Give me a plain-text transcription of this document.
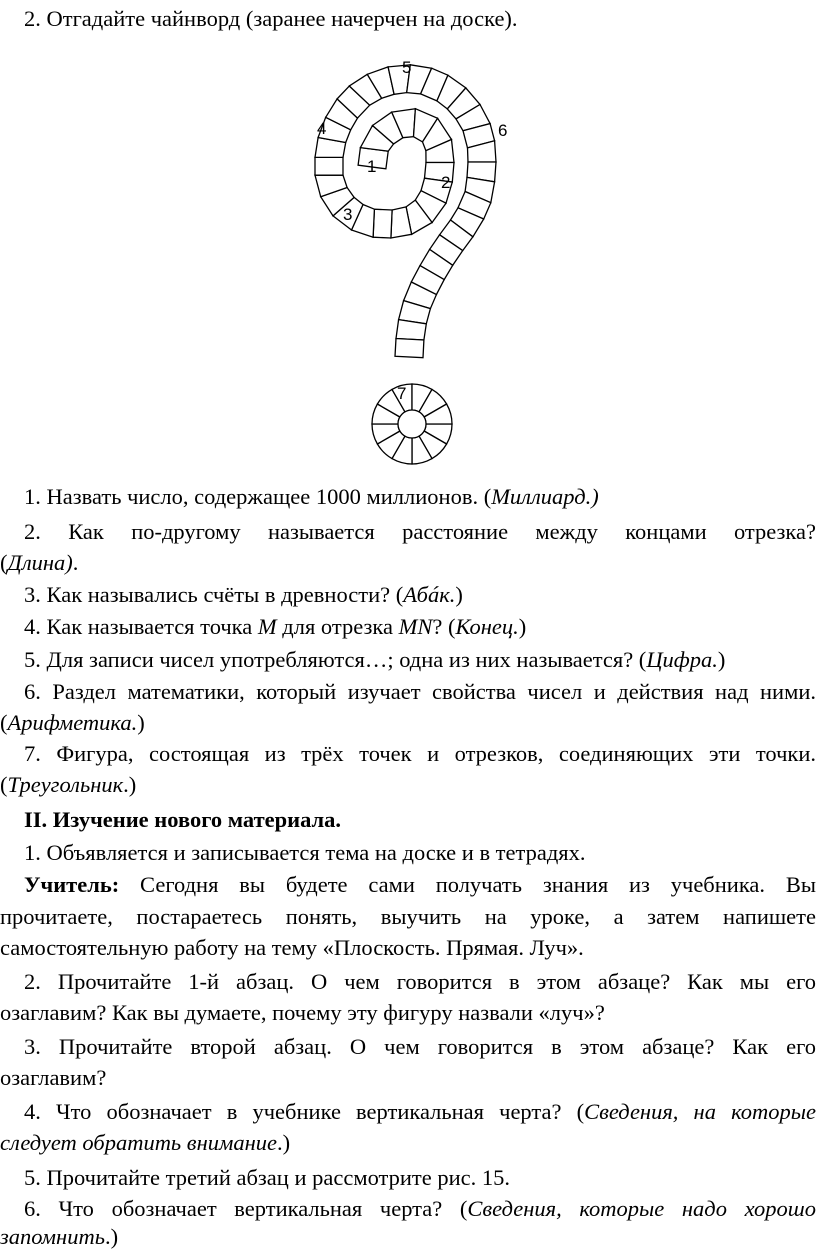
2. Отгадайте чайнворд (заранее начерчен на доске).

1
2
3
4
5
6
7

1. Назвать число, содержащее 1000 миллионов. (Миллиард.)

2. Как по-другому называется расстояние между концами отрезка?

(Длина).

3. Как назывались счёты в древности? (Абáк.)

4. Как называется точка М для отрезка MN? (Конец.)

5. Для записи чисел употребляются…; одна из них называется? (Цифра.)

6. Раздел математики, который изучает свойства чисел и действия над ними.

(Арифметика.)

7. Фигура, состоящая из трёх точек и отрезков, соединяющих эти точки.

(Треугольник.)

II. Изучение нового материала.

1. Объявляется и записывается тема на доске и в тетрадях.

Учитель: Сегодня вы будете сами получать знания из учебника. Вы

прочитаете, постараетесь понять, выучить на уроке, а затем напишете

самостоятельную работу на тему «Плоскость. Прямая. Луч».

2. Прочитайте 1-й абзац. О чем говорится в этом абзаце? Как мы его

озаглавим? Как вы думаете, почему эту фигуру назвали «луч»?

3. Прочитайте второй абзац. О чем говорится в этом абзаце? Как его

озаглавим?

4. Что обозначает в учебнике вертикальная черта? (Сведения, на которые

следует обратить внимание.)

5. Прочитайте третий абзац и рассмотрите рис. 15.

6. Что обозначает вертикальная черта? (Сведения, которые надо хорошо

запомнить.)
